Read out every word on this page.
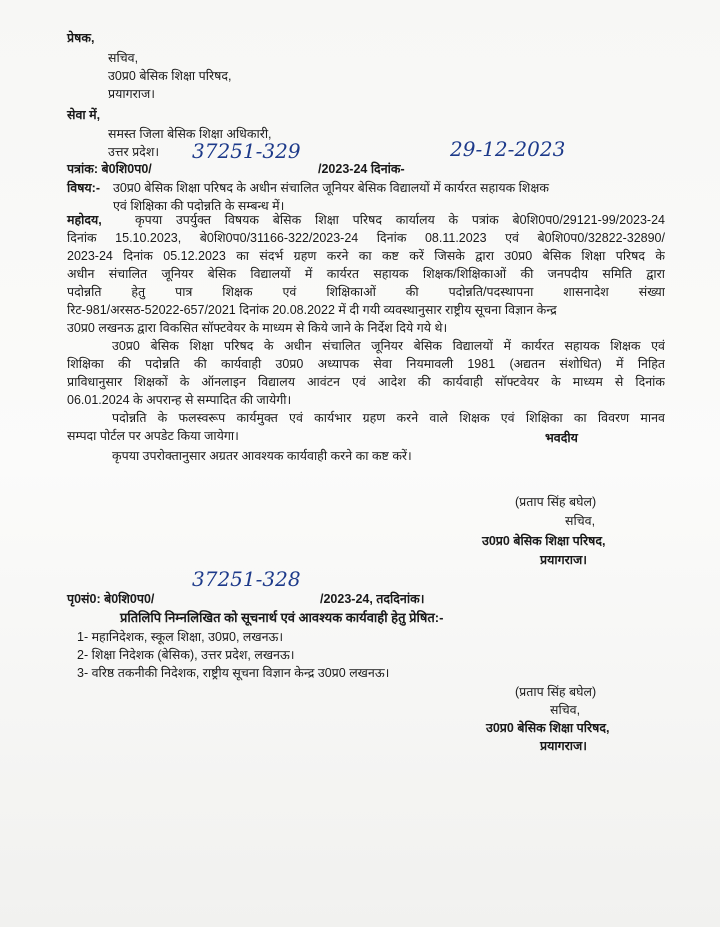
प्रेषक,
सचिव,
उ0प्र0 बेसिक शिक्षा परिषद,
प्रयागराज।
सेवा में,
समस्त जिला बेसिक शिक्षा अधिकारी,
उत्तर प्रदेश।
पत्रांक: बे0शि0प0/
37251-329
/2023-24 दिनांक-
29-12-2023
विषय:- उ0प्र0 बेसिक शिक्षा परिषद के अधीन संचालित जूनियर बेसिक विद्यालयों में कार्यरत सहायक शिक्षक
एवं शिक्षिका की पदोन्नति के सम्बन्ध में।
महोदय,	कृपया उपर्युक्त विषयक बेसिक शिक्षा परिषद कार्यालय के पत्रांक बे0शि0प0/29121-99/2023-24
दिनांक 15.10.2023, बे0शि0प0/31166-322/2023-24 दिनांक 08.11.2023 एवं बे0शि0प0/32822-32890/
2023-24 दिनांक 05.12.2023 का संदर्भ ग्रहण करने का कष्ट करें जिसके द्वारा उ0प्र0 बेसिक शिक्षा परिषद के
अधीन संचालित जूनियर बेसिक विद्यालयों में कार्यरत सहायक शिक्षक/शिक्षिकाओं की जनपदीय समिति द्वारा
पदोन्नति हेतु पात्र शिक्षक एवं शिक्षिकाओं की पदोन्नति/पदस्थापना शासनादेश संख्या
रिट-981/अरसठ-52022-657/2021 दिनांक 20.08.2022 में दी गयी व्यवस्थानुसार राष्ट्रीय सूचना विज्ञान केन्द्र
उ0प्र0 लखनऊ द्वारा विकसित सॉफ्टवेयर के माध्यम से किये जाने के निर्देश दिये गये थे।
उ0प्र0 बेसिक शिक्षा परिषद के अधीन संचालित जूनियर बेसिक विद्यालयों में कार्यरत सहायक शिक्षक एवं
शिक्षिका की पदोन्नति की कार्यवाही उ0प्र0 अध्यापक सेवा नियमावली 1981 (अद्यतन संशोधित) में निहित
प्राविधानुसार शिक्षकों के ऑनलाइन विद्यालय आवंटन एवं आदेश की कार्यवाही सॉफ्टवेयर के माध्यम से दिनांक
06.01.2024 के अपरान्ह से सम्पादित की जायेगी।
पदोन्नति के फलस्वरूप कार्यमुक्त एवं कार्यभार ग्रहण करने वाले शिक्षक एवं शिक्षिका का विवरण मानव
सम्पदा पोर्टल पर अपडेट किया जायेगा।
कृपया उपरोक्तानुसार अग्रतर आवश्यक कार्यवाही करने का कष्ट करें।
भवदीय
(प्रताप सिंह बघेल)
सचिव,
उ0प्र0 बेसिक शिक्षा परिषद,
प्रयागराज।
पृ0सं0: बे0शि0प0/
37251-328
/2023-24, तददिनांक।
प्रतिलिपि निम्नलिखित को सूचनार्थ एवं आवश्यक कार्यवाही हेतु प्रेषित:-
1- महानिदेशक, स्कूल शिक्षा, उ0प्र0, लखनऊ।
2- शिक्षा निदेशक (बेसिक), उत्तर प्रदेश, लखनऊ।
3- वरिष्ठ तकनीकी निदेशक, राष्ट्रीय सूचना विज्ञान केन्द्र उ0प्र0 लखनऊ।
(प्रताप सिंह बघेल)
सचिव,
उ0प्र0 बेसिक शिक्षा परिषद,
प्रयागराज।
